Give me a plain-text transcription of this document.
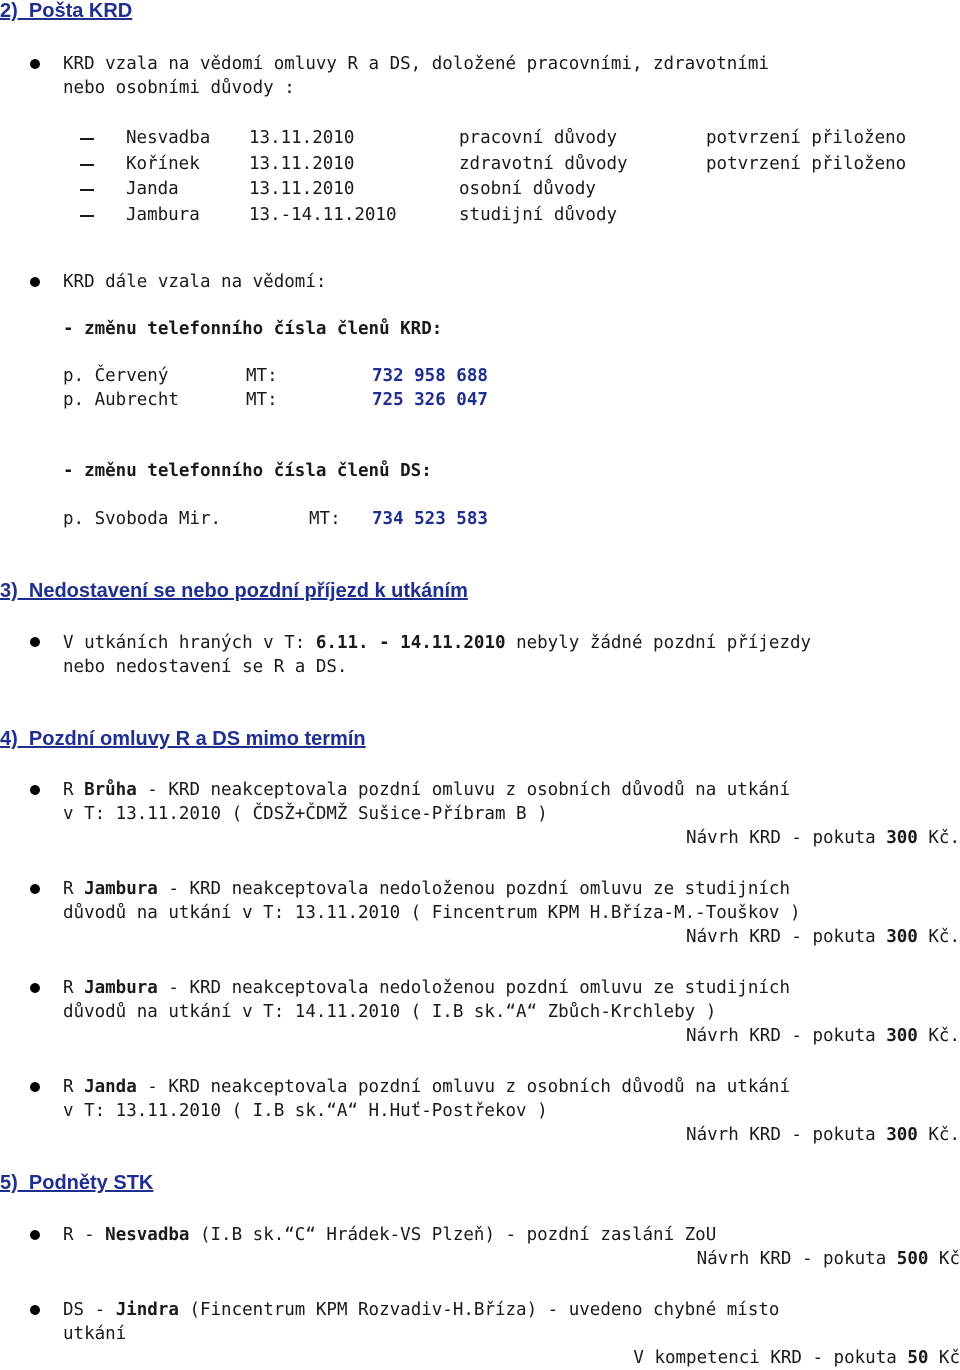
2)  Pošta KRD
KRD vzala na vědomí omluvy R a DS, doložené pracovními, zdravotními
nebo osobními důvody :
Nesvadba 13.11.2010	pracovní důvody	potvrzení přiloženo
Kořínek	13.11.2010	zdravotní důvody	potvrzení přiloženo
Janda	13.11.2010	osobní důvody
Jambura	13.-14.11.2010	studijní důvody
KRD dále vzala na vědomí:
- změnu telefonního čísla členů KRD:
p. Červený	MT:	732 958 688
p. Aubrecht	MT:	725 326 047
- změnu telefonního čísla členů DS:
p. Svoboda Mir.	MT: 734 523 583
3)  Nedostavení se nebo pozdní příjezd k utkáním
V utkáních hraných v T: 6.11. - 14.11.2010 nebyly žádné pozdní příjezdy
nebo nedostavení se R a DS.
4)  Pozdní omluvy R a DS mimo termín
R Brůha - KRD neakceptovala pozdní omluvu z osobních důvodů na utkání
v T: 13.11.2010 ( ČDSŽ+ČDMŽ Sušice-Příbram B )
Návrh KRD - pokuta 300 Kč.
R Jambura - KRD neakceptovala nedoloženou pozdní omluvu ze studijních
důvodů na utkání v T: 13.11.2010 ( Fincentrum KPM H.Bříza-M.-Touškov )
Návrh KRD - pokuta 300 Kč.
R Jambura - KRD neakceptovala nedoloženou pozdní omluvu ze studijních
důvodů na utkání v T: 14.11.2010 ( I.B sk.“A“ Zbůch-Krchleby )
Návrh KRD - pokuta 300 Kč.
R Janda - KRD neakceptovala pozdní omluvu z osobních důvodů na utkání
v T: 13.11.2010 ( I.B sk.“A“ H.Huť-Postřekov )
Návrh KRD - pokuta 300 Kč.
5)  Podněty STK
R - Nesvadba (I.B sk.“C“ Hrádek-VS Plzeň) - pozdní zaslání ZoU
Návrh KRD - pokuta 500 Kč
DS - Jindra (Fincentrum KPM Rozvadiv-H.Bříza) - uvedeno chybné místo
utkání
V kompetenci KRD - pokuta 50 Kč
